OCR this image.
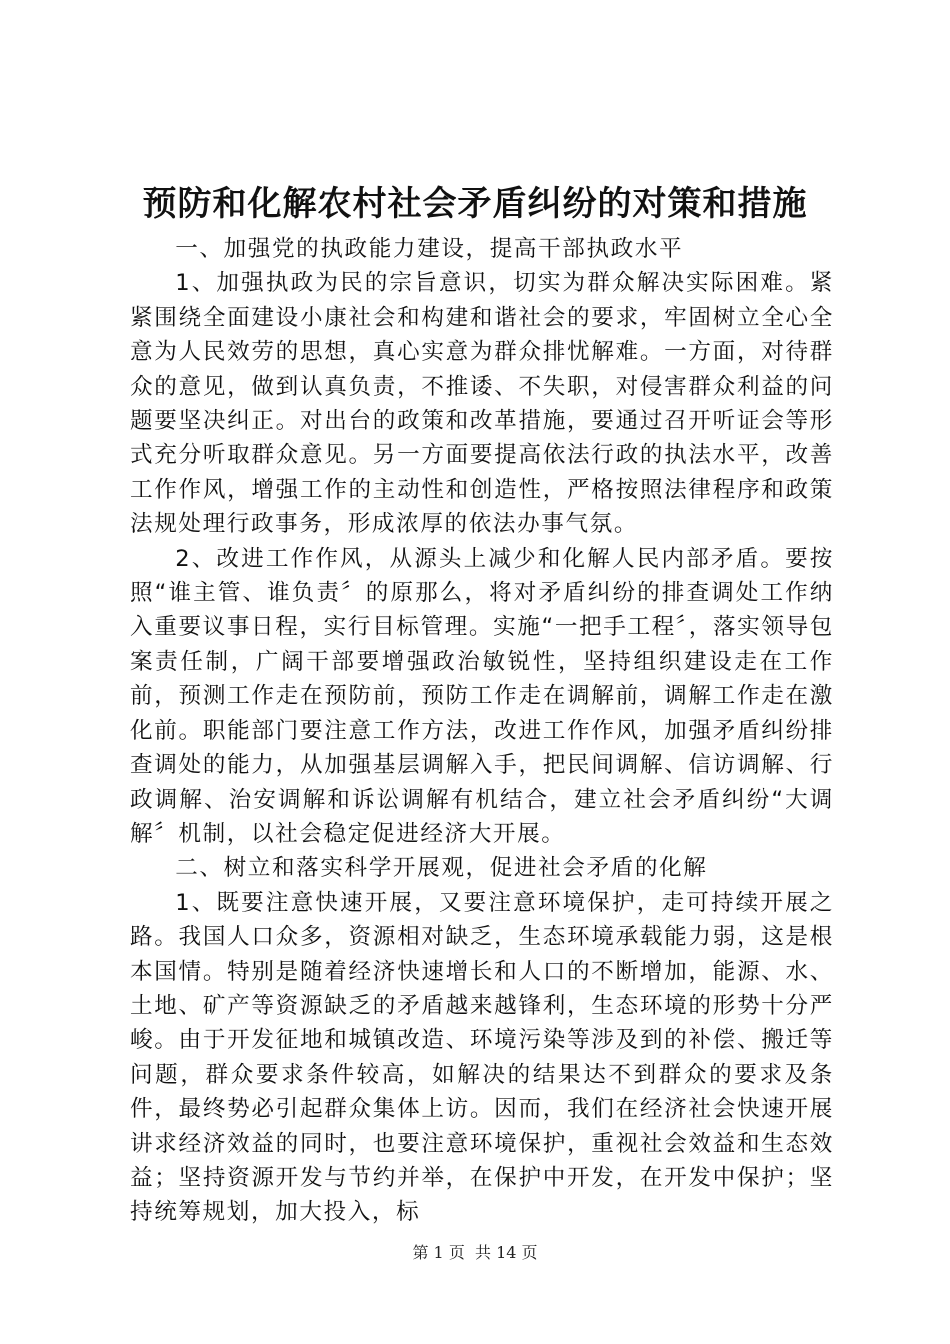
预防和化解农村社会矛盾纠纷的对策和措施

一、加强党的执政能力建设，提高干部执政水平

1、加强执政为民的宗旨意识，切实为群众解决实际困难。紧紧围绕全面建设小康社会和构建和谐社会的要求，牢固树立全心全意为人民效劳的思想，真心实意为群众排忧解难。一方面，对待群众的意见，做到认真负责，不推诿、不失职，对侵害群众利益的问题要坚决纠正。对出台的政策和改革措施，要通过召开听证会等形式充分听取群众意见。另一方面要提高依法行政的执法水平，改善工作作风，增强工作的主动性和创造性，严格按照法律程序和政策法规处理行政事务，形成浓厚的依法办事气氛。

2、改进工作作风，从源头上减少和化解人民内部矛盾。要按照“谁主管、谁负责〞的原那么，将对矛盾纠纷的排查调处工作纳入重要议事日程，实行目标管理。实施“一把手工程〞，落实领导包案责任制，广阔干部要增强政治敏锐性，坚持组织建设走在工作前，预测工作走在预防前，预防工作走在调解前，调解工作走在激化前。职能部门要注意工作方法，改进工作作风，加强矛盾纠纷排查调处的能力，从加强基层调解入手，把民间调解、信访调解、行政调解、治安调解和诉讼调解有机结合，建立社会矛盾纠纷“大调解〞机制，以社会稳定促进经济大开展。

二、树立和落实科学开展观，促进社会矛盾的化解

1、既要注意快速开展，又要注意环境保护，走可持续开展之路。我国人口众多，资源相对缺乏，生态环境承载能力弱，这是根本国情。特别是随着经济快速增长和人口的不断增加，能源、水、土地、矿产等资源缺乏的矛盾越来越锋利，生态环境的形势十分严峻。由于开发征地和城镇改造、环境污染等涉及到的补偿、搬迁等问题，群众要求条件较高，如解决的结果达不到群众的要求及条件，最终势必引起群众集体上访。因而，我们在经济社会快速开展讲求经济效益的同时，也要注意环境保护，重视社会效益和生态效益；坚持资源开发与节约并举，在保护中开发，在开发中保护；坚持统筹规划，加大投入，标

第 1 页  共 14 页
